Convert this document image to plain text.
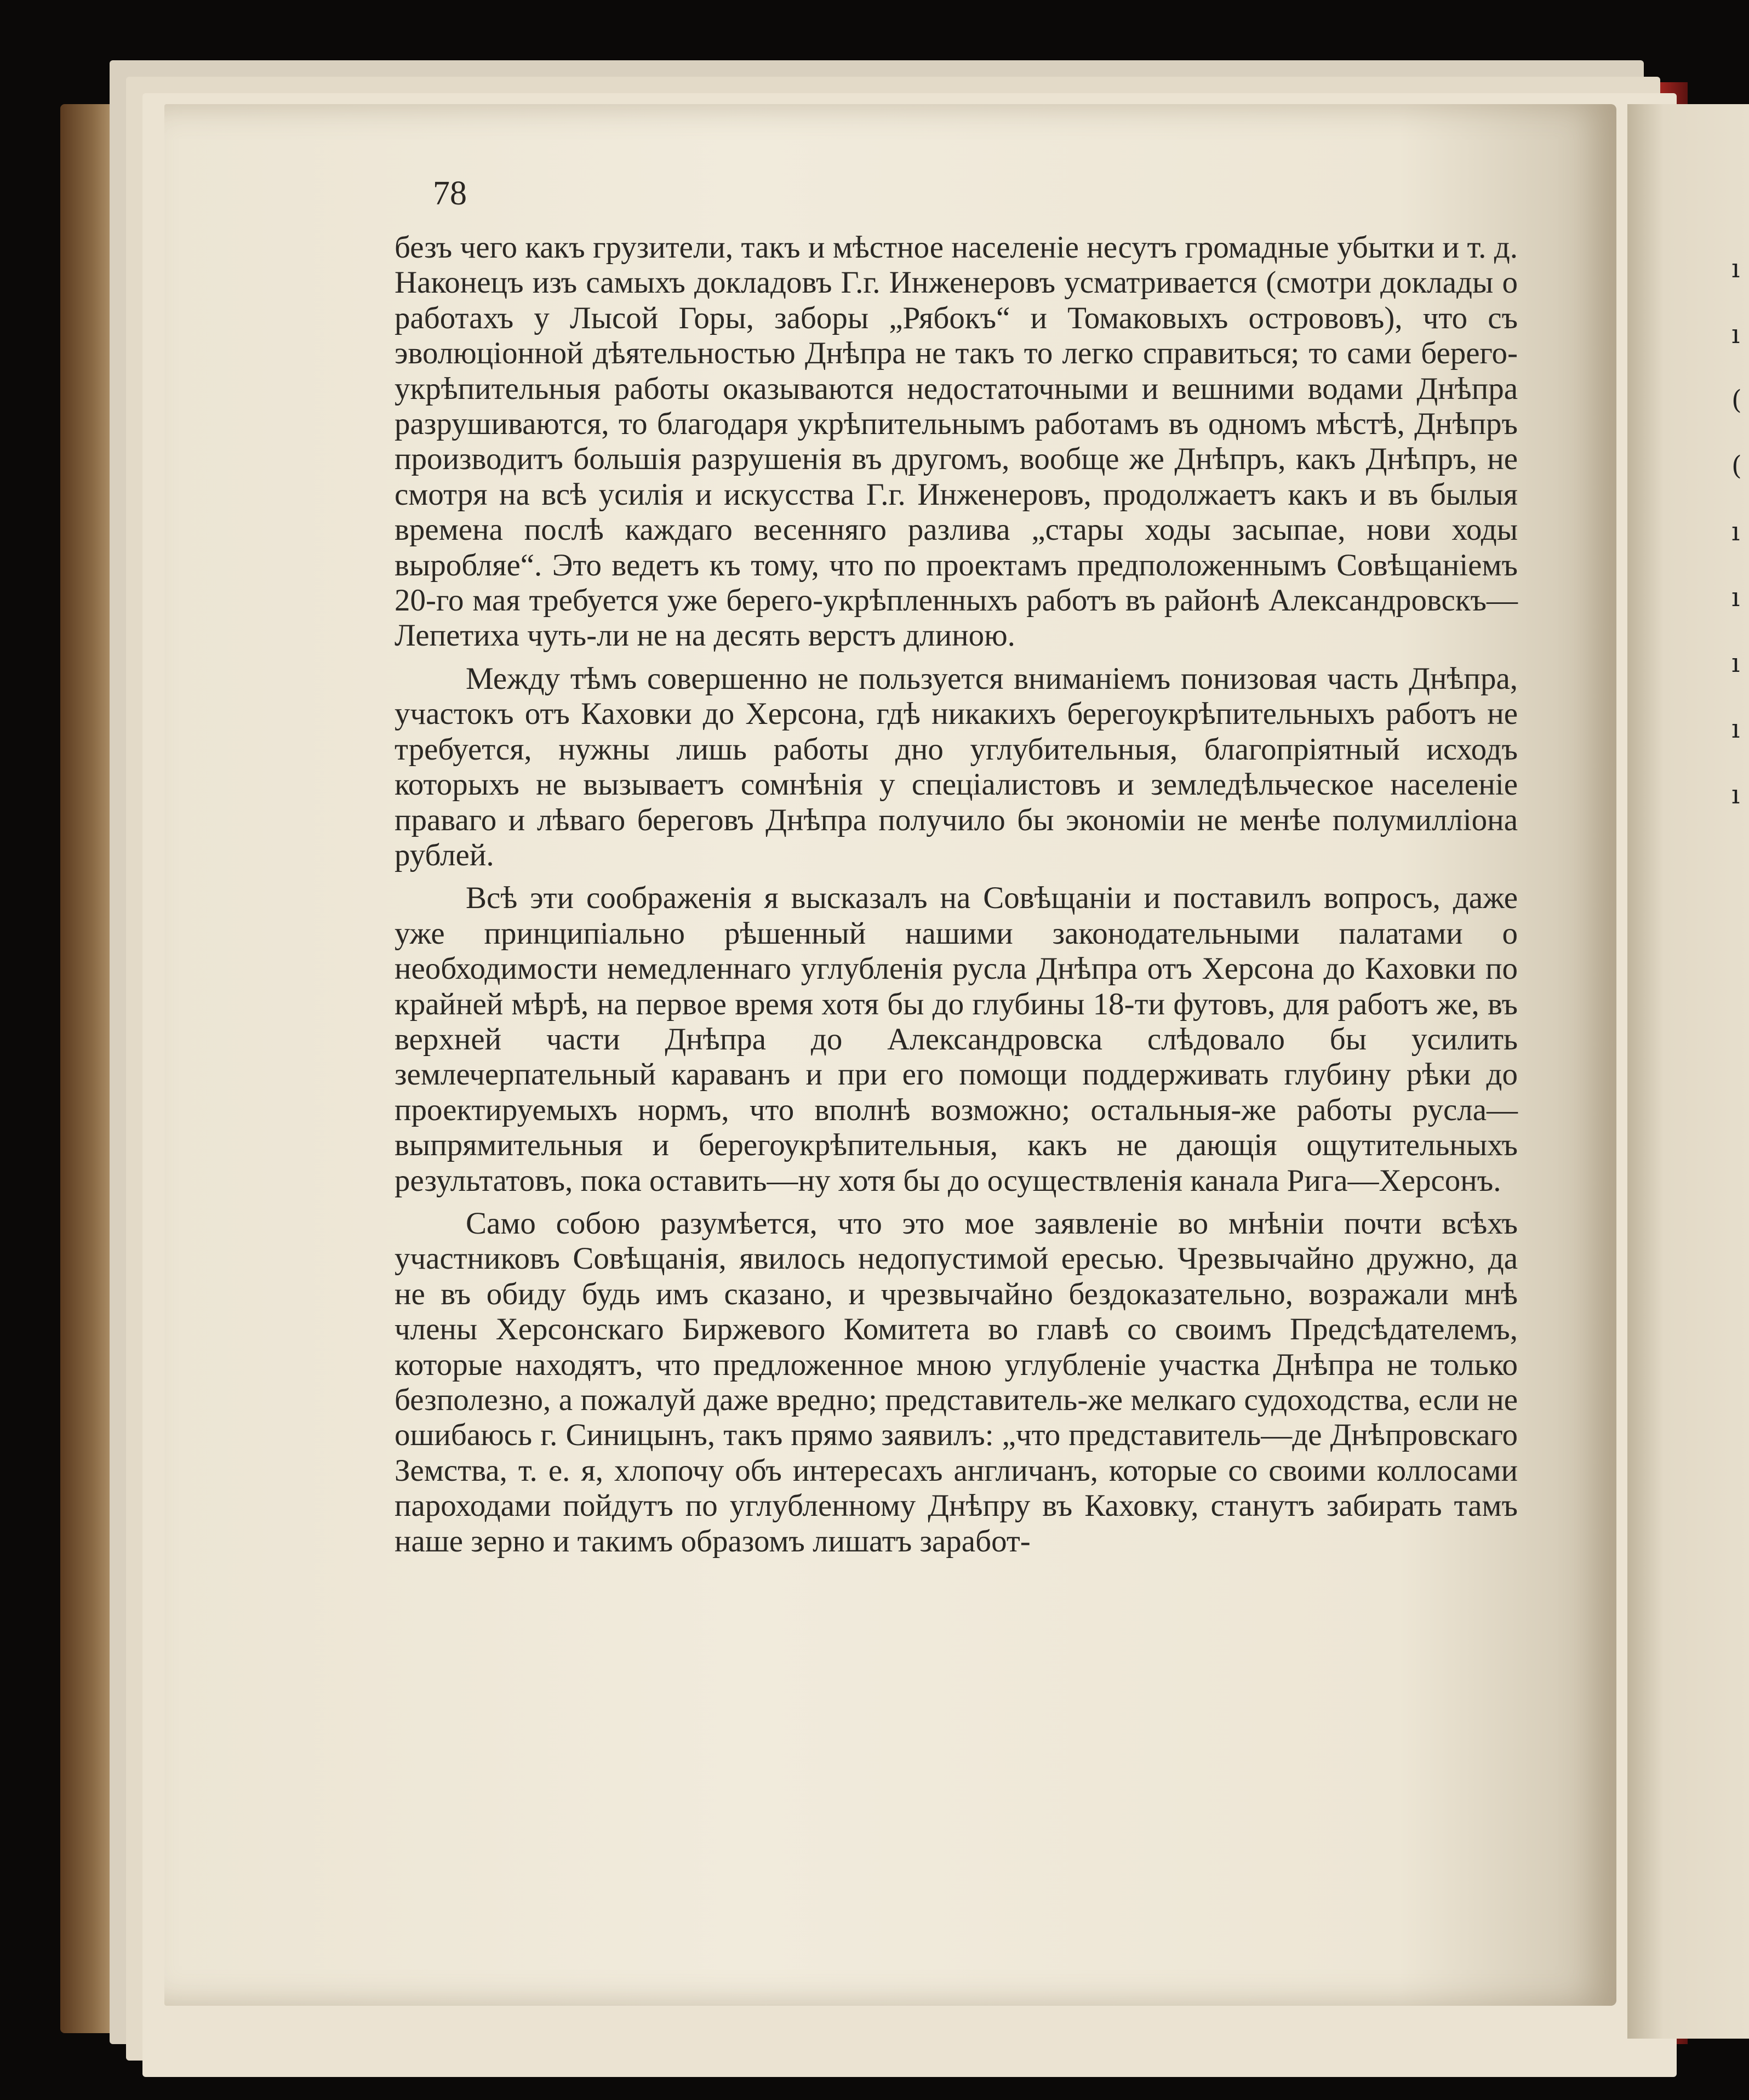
ı
ı
(
(
ı
ı
ı
ı
ı
78

безъ чего какъ грузители, такъ и мѣстное населеніе несутъ громадные убытки и т. д. Наконецъ изъ самыхъ докладовъ Г.г. Инженеровъ усматривается (смотри доклады о работахъ у Лысой Горы, заборы „Рябокъ“ и Томаковыхъ острововъ), что съ эволюціонной дѣятельностью Днѣпра не такъ то легко справиться; то сами берего-укрѣпительныя работы оказываются недостаточными и вешними водами Днѣпра разрушиваются, то благодаря укрѣпительнымъ работамъ въ одномъ мѣстѣ, Днѣпръ производитъ большія разрушенія въ другомъ, вообще же Днѣпръ, какъ Днѣпръ, не смотря на всѣ усилія и искусства Г.г. Инженеровъ, продолжаетъ какъ и въ былыя времена послѣ каждаго весенняго разлива „стары ходы засыпае, нови ходы выробляе“. Это ведетъ къ тому, что по проектамъ предположеннымъ Совѣщаніемъ 20-го мая требуется уже берего-укрѣпленныхъ работъ въ районѣ Александровскъ—Лепетиха чуть-ли не на десять верстъ длиною.

Между тѣмъ совершенно не пользуется вниманіемъ понизовая часть Днѣпра, участокъ отъ Каховки до Херсона, гдѣ никакихъ берегоукрѣпительныхъ работъ не требуется, нужны лишь работы дно углубительныя, благопріятный исходъ которыхъ не вызываетъ сомнѣнія у спеціалистовъ и земледѣльческое населеніе праваго и лѣваго береговъ Днѣпра получило бы экономіи не менѣе полумилліона рублей.

Всѣ эти соображенія я высказалъ на Совѣщаніи и поставилъ вопросъ, даже уже принципіально рѣшенный нашими законодательными палатами о необходимости немедленнаго углубленія русла Днѣпра отъ Херсона до Каховки по крайней мѣрѣ, на первое время хотя бы до глубины 18-ти футовъ, для работъ же, въ верхней части Днѣпра до Александровска слѣдовало бы усилить землечерпательный караванъ и при его помощи поддерживать глубину рѣки до проектируемыхъ нормъ, что вполнѣ возможно; остальныя-же работы русла—выпрямительныя и берегоукрѣпительныя, какъ не дающія ощутительныхъ результатовъ, пока оставить—ну хотя бы до осуществленія канала Рига—Херсонъ.

Само собою разумѣется, что это мое заявленіе во мнѣніи почти всѣхъ участниковъ Совѣщанія, явилось недопустимой ересью. Чрезвычайно дружно, да не въ обиду будь имъ сказано, и чрезвычайно бездоказательно, возражали мнѣ члены Херсонскаго Биржевого Комитета во главѣ со своимъ Предсѣдателемъ, которые находятъ, что предложенное мною углубленіе участка Днѣпра не только безполезно, а пожалуй даже вредно; представитель-же мелкаго судоходства, если не ошибаюсь г. Синицынъ, такъ прямо заявилъ: „что представитель—де Днѣпровскаго Земства, т. е. я, хлопочу объ интересахъ англичанъ, которые со своими коллосами пароходами пойдутъ по углубленному Днѣпру въ Каховку, станутъ забирать тамъ наше зерно и такимъ образомъ лишатъ заработ-
